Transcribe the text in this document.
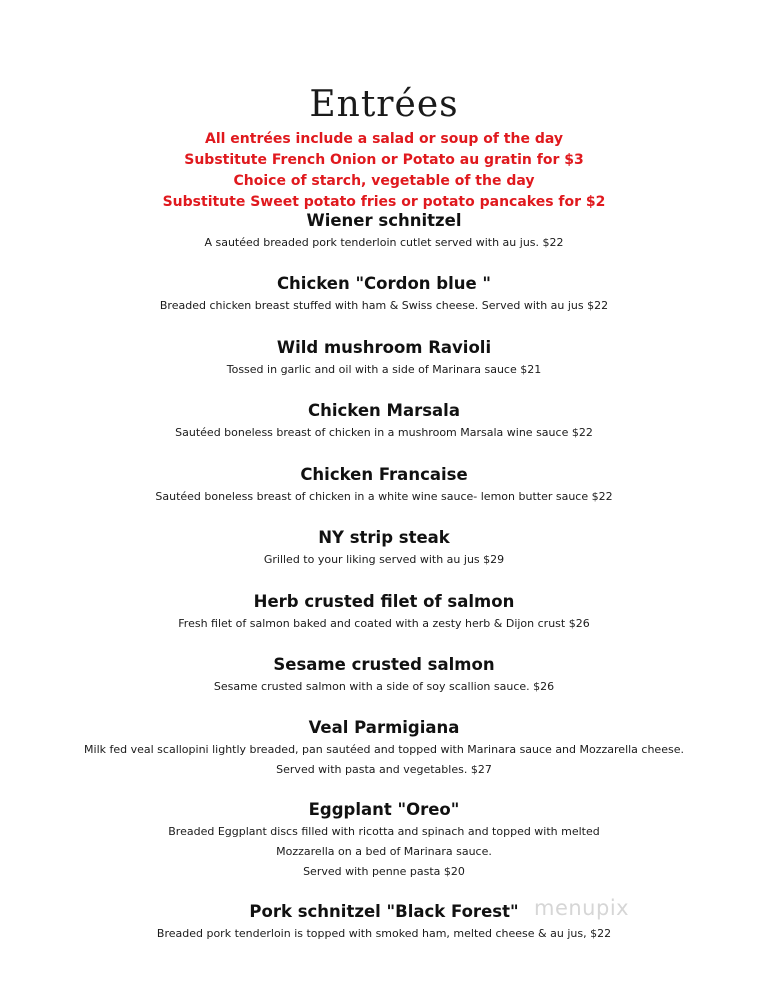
Entrées
All entrées include a salad or soup of the day
Substitute French Onion or Potato au gratin for $3
Choice of starch, vegetable of the day
Substitute Sweet potato fries or potato pancakes for $2
Wiener schnitzel
A sautéed breaded pork tenderloin cutlet served with au jus. $22
Chicken "Cordon blue "
Breaded chicken breast stuffed with ham & Swiss cheese. Served with au jus $22
Wild mushroom Ravioli
Tossed in garlic and oil with a side of Marinara sauce $21
Chicken Marsala
Sautéed boneless breast of chicken in a mushroom Marsala wine sauce $22
Chicken Francaise
Sautéed boneless breast of chicken in a white wine sauce- lemon butter sauce $22
NY strip steak
Grilled to your liking served with au jus $29
Herb crusted filet of salmon
Fresh filet of salmon baked and coated with a zesty herb & Dijon crust $26
Sesame crusted salmon
Sesame crusted salmon with a side of soy scallion sauce. $26
Veal Parmigiana
Milk fed veal scallopini lightly breaded, pan sautéed and topped with Marinara sauce and Mozzarella cheese.
Served with pasta and vegetables. $27
Eggplant "Oreo"
Breaded Eggplant discs filled with ricotta and spinach and topped with melted
Mozzarella on a bed of Marinara sauce.
Served with penne pasta $20
Pork schnitzel "Black Forest"
Breaded pork tenderloin is topped with smoked ham, melted cheese & au jus, $22
menupix
